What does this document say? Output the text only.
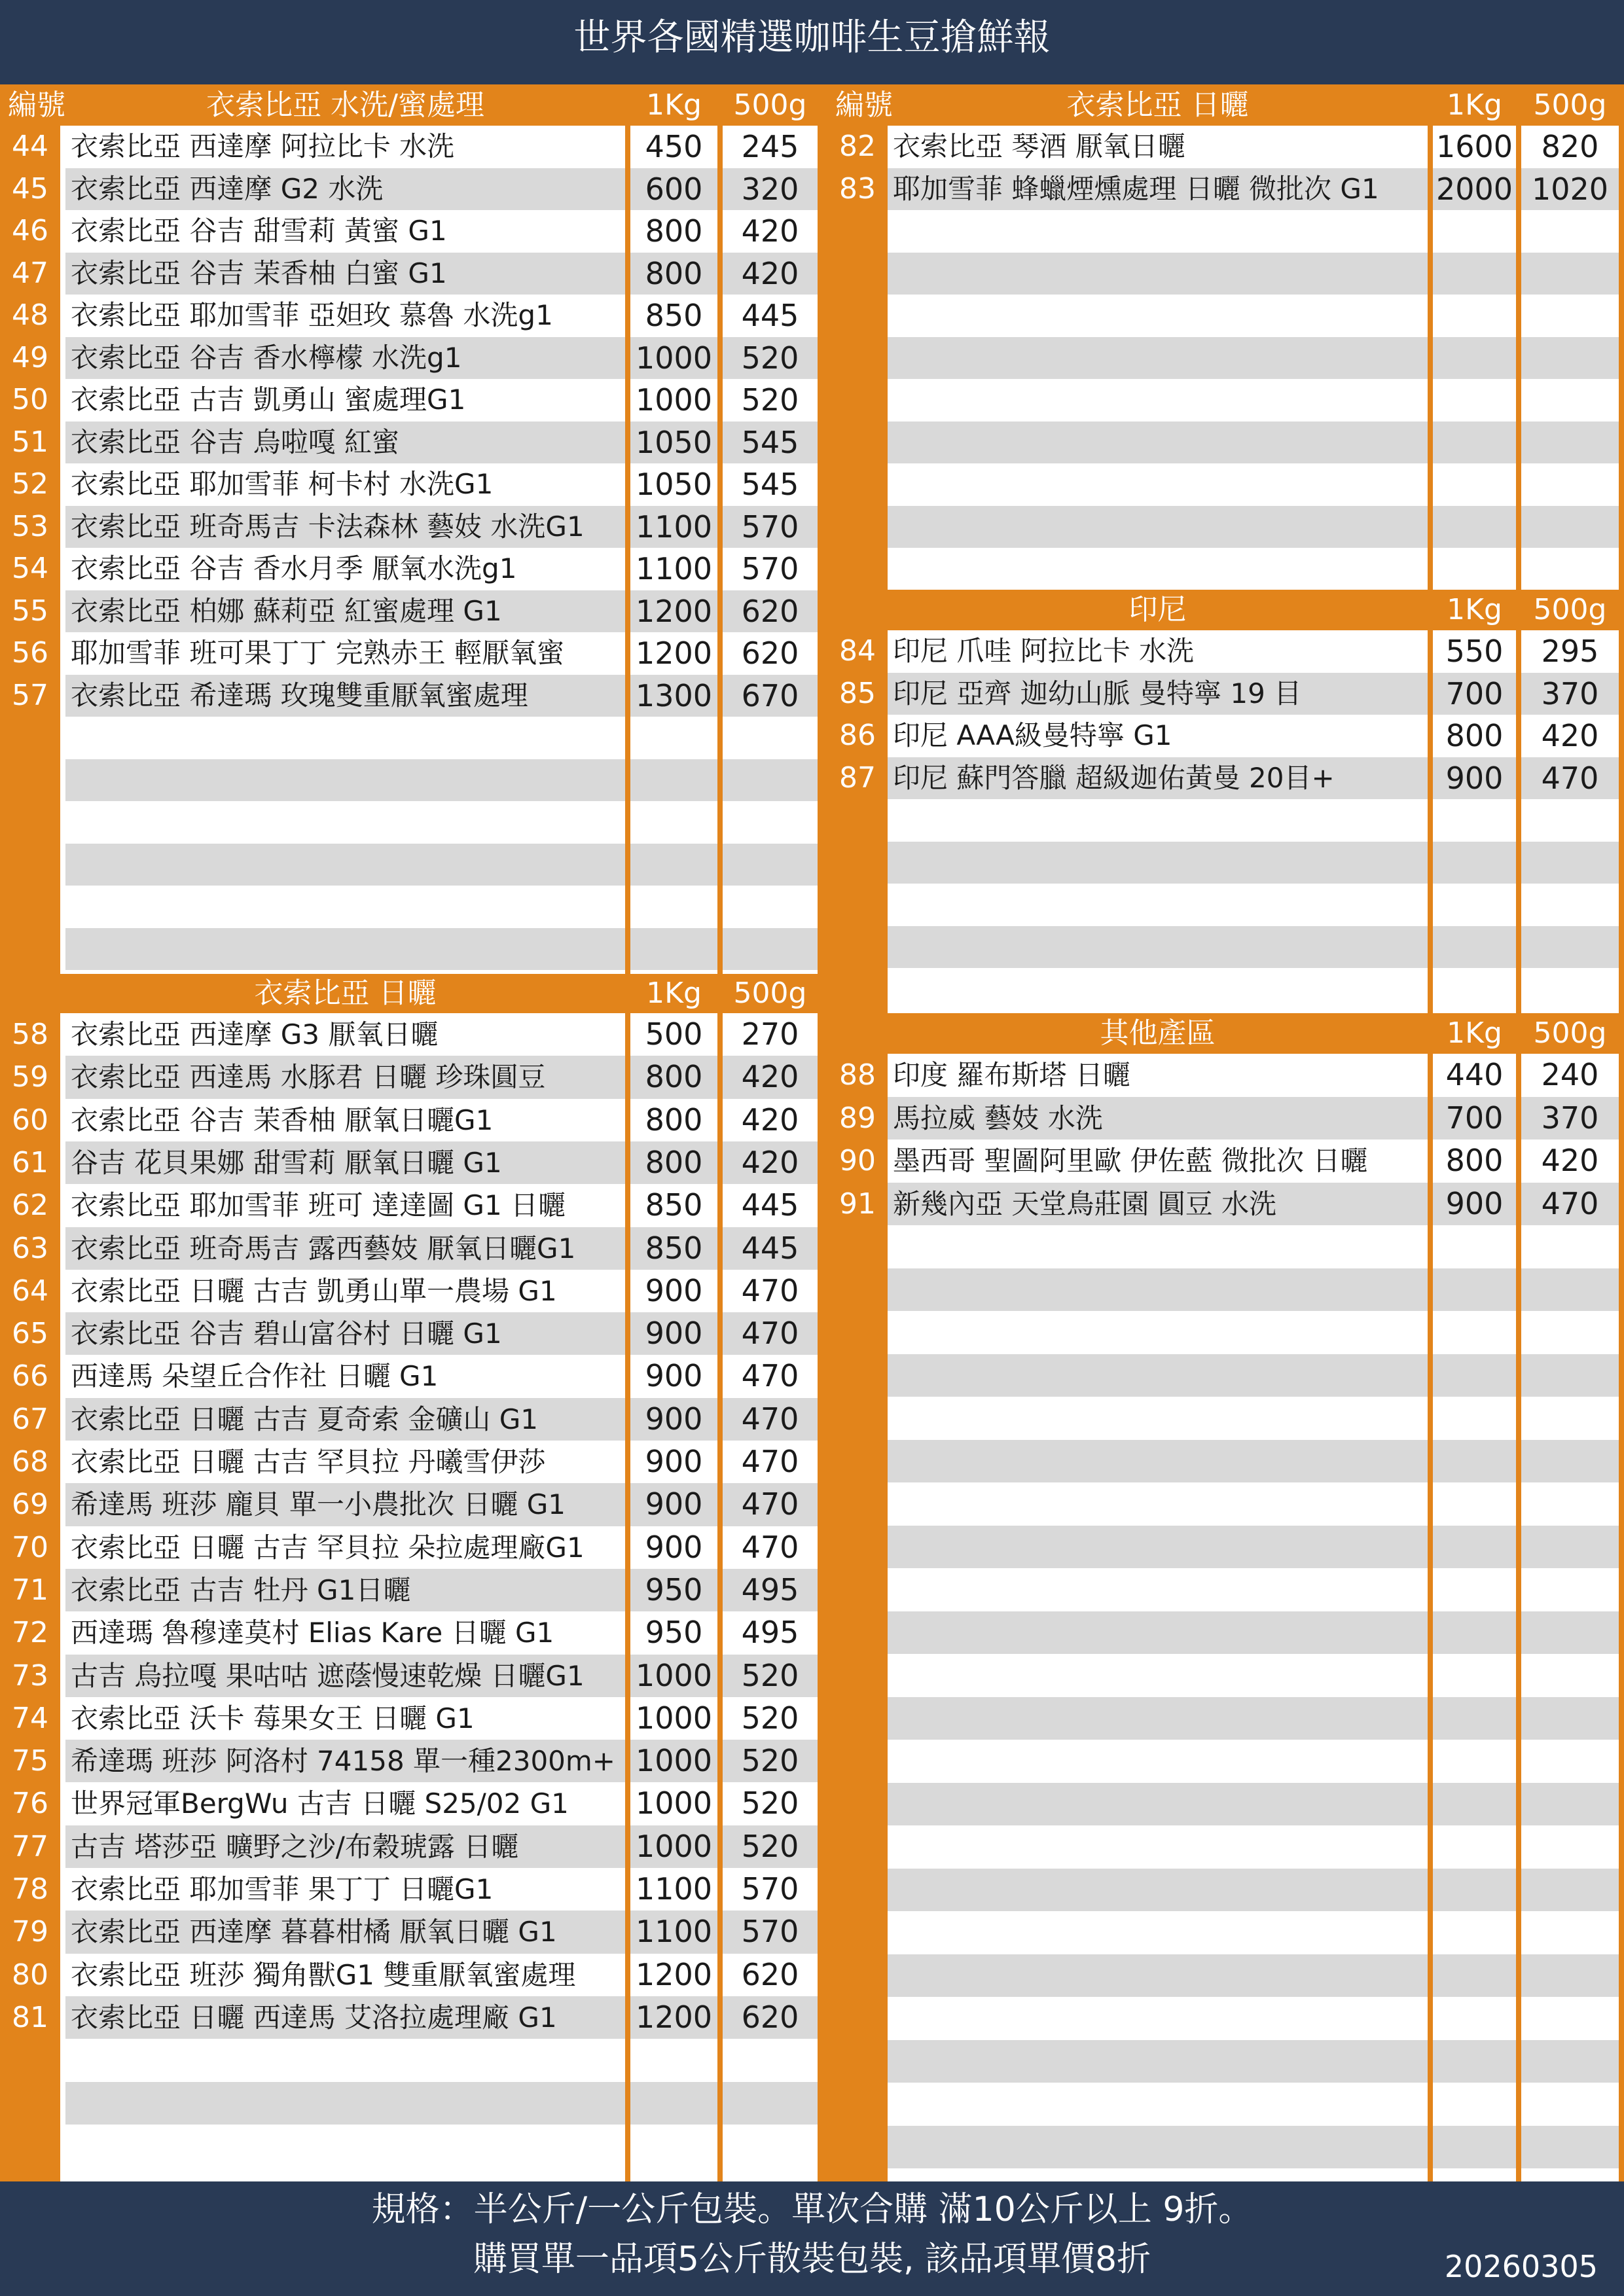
世界各國精選咖啡生豆搶鮮報
編號	衣索比亞 水洗/蜜處理	1Kg	500g
44 衣索比亞 西達摩 阿拉比卡 水洗	450	245
45 衣索比亞 西達摩 G2 水洗	600	320
46 衣索比亞 谷吉 甜雪莉 黃蜜 G1	800	420
47 衣索比亞 谷吉 茉香柚 白蜜 G1	800	420
48 衣索比亞 耶加雪菲 亞妲玫 慕魯 水洗g1	850	445
49 衣索比亞 谷吉 香水檸檬 水洗g1	1000 520
50 衣索比亞 古吉 凱勇山 蜜處理G1	1000 520
51 衣索比亞 谷吉 烏啦嘎 紅蜜	1050 545
52 衣索比亞 耶加雪菲 柯卡村 水洗G1	1050 545
53 衣索比亞 班奇馬吉 卡法森林 藝妓 水洗G1	1100 570
54 衣索比亞 谷吉 香水月季 厭氧水洗g1	1100 570
55 衣索比亞 柏娜 蘇莉亞 紅蜜處理 G1	1200 620
56 耶加雪菲 班可果丁丁 完熟赤王 輕厭氧蜜	1200 620
57 衣索比亞 希達瑪 玫瑰雙重厭氧蜜處理	1300 670
衣索比亞 日曬	1Kg	500g
58 衣索比亞 西達摩 G3 厭氧日曬	500	270
59 衣索比亞 西達馬 水豚君 日曬 珍珠圓豆	800	420
60 衣索比亞 谷吉 茉香柚 厭氧日曬G1	800	420
61 谷吉 花貝果娜 甜雪莉 厭氧日曬 G1	800	420
62 衣索比亞 耶加雪菲 班可 達達圖 G1 日曬	850	445
63 衣索比亞 班奇馬吉 露西藝妓 厭氧日曬G1	850	445
64 衣索比亞 日曬 古吉 凱勇山單一農場 G1	900	470
65 衣索比亞 谷吉 碧山富谷村 日曬 G1	900	470
66 西達馬 朵望丘合作社 日曬 G1	900	470
67 衣索比亞 日曬 古吉 夏奇索 金礦山 G1	900	470
68 衣索比亞 日曬 古吉 罕貝拉 丹曦雪伊莎	900	470
69 希達馬 班莎 龐貝 單一小農批次 日曬 G1	900	470
70 衣索比亞 日曬 古吉 罕貝拉 朵拉處理廠G1	900	470
71 衣索比亞 古吉 牡丹 G1日曬	950	495
72 西達瑪 魯穆達莫村 Elias Kare 日曬 G1	950	495
73 古吉 烏拉嘎 果咕咕 遮蔭慢速乾燥 日曬G1	1000 520
74 衣索比亞 沃卡 莓果女王 日曬 G1	1000 520
75 希達瑪 班莎 阿洛村 74158 單一種2300m+ 1000 520
76 世界冠軍BergWu 古吉 日曬 S25/02 G1	1000 520
77 古吉 塔莎亞 曠野之沙/布穀琥露 日曬	1000 520
78 衣索比亞 耶加雪菲 果丁丁 日曬G1	1100 570
79 衣索比亞 西達摩 暮暮柑橘 厭氧日曬 G1	1100 570
80 衣索比亞 班莎 獨角獸G1 雙重厭氧蜜處理	1200 620
81 衣索比亞 日曬 西達馬 艾洛拉處理廠 G1	1200 620
編號	衣索比亞 日曬	1Kg	500g
82 衣索比亞 琴酒 厭氧日曬	1600 820
83 耶加雪菲 蜂蠟煙燻處理 日曬 微批次 G1	2000 1020
印尼	1Kg	500g
84 印尼 爪哇 阿拉比卡 水洗	550	295
85 印尼 亞齊 迦幼山脈 曼特寧 19 目	700	370
86 印尼 AAA級曼特寧 G1	800	420
87 印尼 蘇門答臘 超級迦佑黃曼 20目+	900	470
其他產區	1Kg	500g
88 印度 羅布斯塔 日曬	440	240
89 馬拉威 藝妓 水洗	700	370
90 墨西哥 聖圖阿里歐 伊佐藍 微批次 日曬	800	420
91 新幾內亞 天堂鳥莊園 圓豆 水洗	900	470
規格：半公斤/一公斤包裝。單次合購 滿10公斤以上 9折。
購買單一品項5公斤散裝包裝, 該品項單價8折	20260305
